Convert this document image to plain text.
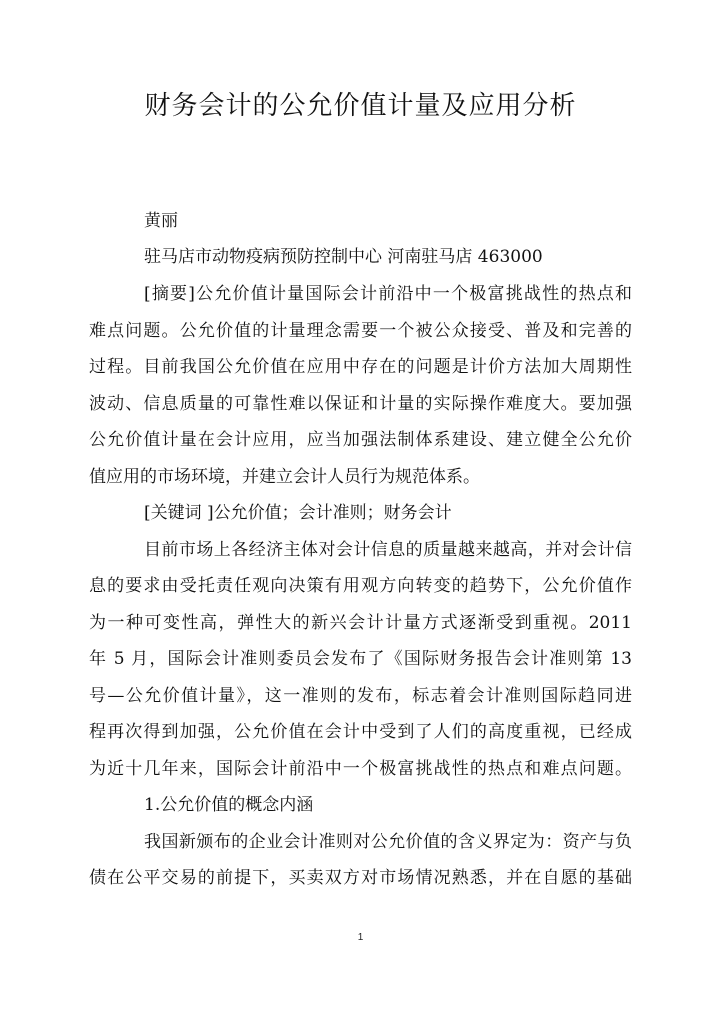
财务会计的公允价值计量及应用分析
黄丽
驻马店市动物疫病预防控制中心 河南驻马店 463000
[摘要]公允价值计量国际会计前沿中一个极富挑战性的热点和
难点问题。公允价值的计量理念需要一个被公众接受、普及和完善的
过程。目前我国公允价值在应用中存在的问题是计价方法加大周期性
波动、信息质量的可靠性难以保证和计量的实际操作难度大。要加强
公允价值计量在会计应用，应当加强法制体系建设、建立健全公允价
值应用的市场环境，并建立会计人员行为规范体系。
[关键词 ]公允价值；会计准则；财务会计
目前市场上各经济主体对会计信息的质量越来越高，并对会计信
息的要求由受托责任观向决策有用观方向转变的趋势下，公允价值作
为一种可变性高，弹性大的新兴会计计量方式逐渐受到重视。2011
年 5 月，国际会计准则委员会发布了《国际财务报告会计准则第 13
号—公允价值计量》，这一准则的发布，标志着会计准则国际趋同进
程再次得到加强，公允价值在会计中受到了人们的高度重视，已经成
为近十几年来，国际会计前沿中一个极富挑战性的热点和难点问题。
1.公允价值的概念内涵
我国新颁布的企业会计准则对公允价值的含义界定为：资产与负
债在公平交易的前提下，买卖双方对市场情况熟悉，并在自愿的基础
1
